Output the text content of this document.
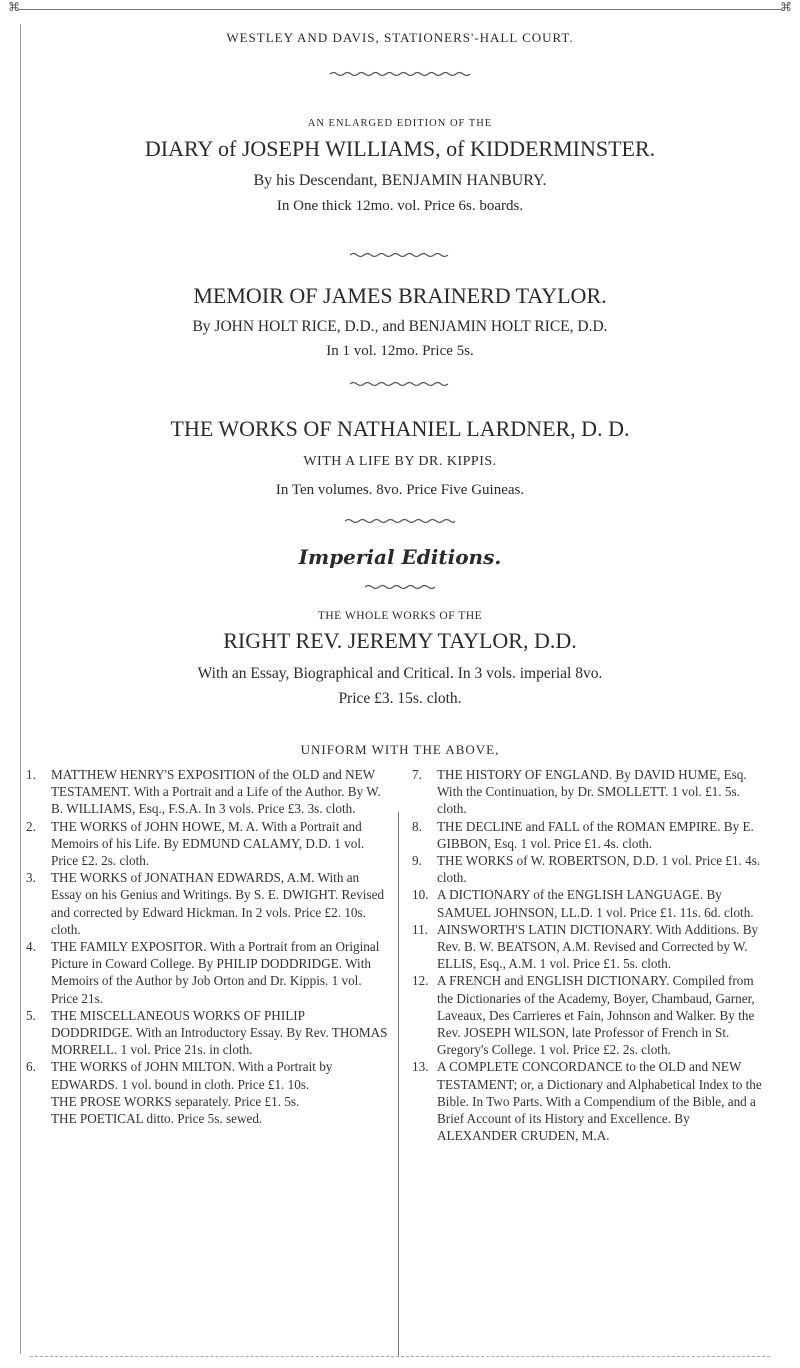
⌘	⌘
WESTLEY AND DAVIS, STATIONERS'-HALL COURT.
AN ENLARGED EDITION OF THE
DIARY of JOSEPH WILLIAMS, of KIDDERMINSTER.
By his Descendant, BENJAMIN HANBURY.
In One thick 12mo. vol. Price 6s. boards.
MEMOIR OF JAMES BRAINERD TAYLOR.
By JOHN HOLT RICE, D.D., and BENJAMIN HOLT RICE, D.D.
In 1 vol. 12mo. Price 5s.
THE WORKS OF NATHANIEL LARDNER, D. D.
WITH A LIFE BY DR. KIPPIS.
In Ten volumes. 8vo. Price Five Guineas.
Imperial Editions.
THE WHOLE WORKS OF THE
RIGHT REV. JEREMY TAYLOR, D.D.
With an Essay, Biographical and Critical. In 3 vols. imperial 8vo.
Price £3. 15s. cloth.
UNIFORM WITH THE ABOVE,
1.	MATTHEW HENRY'S EXPOSITION of the OLD and NEW TESTAMENT. With a Portrait and a Life of the Author. By W. B. WILLIAMS, Esq., F.S.A. In 3 vols. Price £3. 3s. cloth.

2.	THE WORKS of JOHN HOWE, M. A. With a Portrait and Memoirs of his Life. By EDMUND CALAMY, D.D. 1 vol. Price £2. 2s. cloth.

3.	THE WORKS of JONATHAN EDWARDS, A.M. With an Essay on his Genius and Writings. By S. E. DWIGHT. Revised and corrected by Edward Hickman. In 2 vols. Price £2. 10s. cloth.

4.	THE FAMILY EXPOSITOR. With a Portrait from an Original Picture in Coward College. By PHILIP DODDRIDGE. With Memoirs of the Author by Job Orton and Dr. Kippis. 1 vol. Price 21s.

5.	THE MISCELLANEOUS WORKS OF PHILIP DODDRIDGE. With an Introductory Essay. By Rev. THOMAS MORRELL. 1 vol. Price 21s. in cloth.

6.	THE WORKS of JOHN MILTON. With a Portrait by EDWARDS. 1 vol. bound in cloth. Price £1. 10s.

THE PROSE WORKS separately. Price £1. 5s.

THE POETICAL ditto. Price 5s. sewed.

7.	THE HISTORY OF ENGLAND. By DAVID HUME, Esq. With the Continuation, by Dr. SMOLLETT. 1 vol. £1. 5s. cloth.

8.	THE DECLINE and FALL of the ROMAN EMPIRE. By E. GIBBON, Esq. 1 vol. Price £1. 4s. cloth.

9.	THE WORKS of W. ROBERTSON, D.D. 1 vol. Price £1. 4s. cloth.

10. A DICTIONARY of the ENGLISH LANGUAGE. By SAMUEL JOHNSON, LL.D. 1 vol. Price £1. 11s. 6d. cloth.

11. AINSWORTH'S LATIN DICTIONARY. With Additions. By Rev. B. W. BEATSON, A.M. Revised and Corrected by W. ELLIS, Esq., A.M. 1 vol. Price £1. 5s. cloth.

12. A FRENCH and ENGLISH DICTIONARY. Compiled from the Dictionaries of the Academy, Boyer, Chambaud, Garner, Laveaux, Des Carrieres et Fain, Johnson and Walker. By the Rev. JOSEPH WILSON, late Professor of French in St. Gregory's College. 1 vol. Price £2. 2s. cloth.

13. A COMPLETE CONCORDANCE to the OLD and NEW TESTAMENT; or, a Dictionary and Alphabetical Index to the Bible. In Two Parts. With a Compendium of the Bible, and a Brief Account of its History and Excellence. By ALEXANDER CRUDEN, M.A.
